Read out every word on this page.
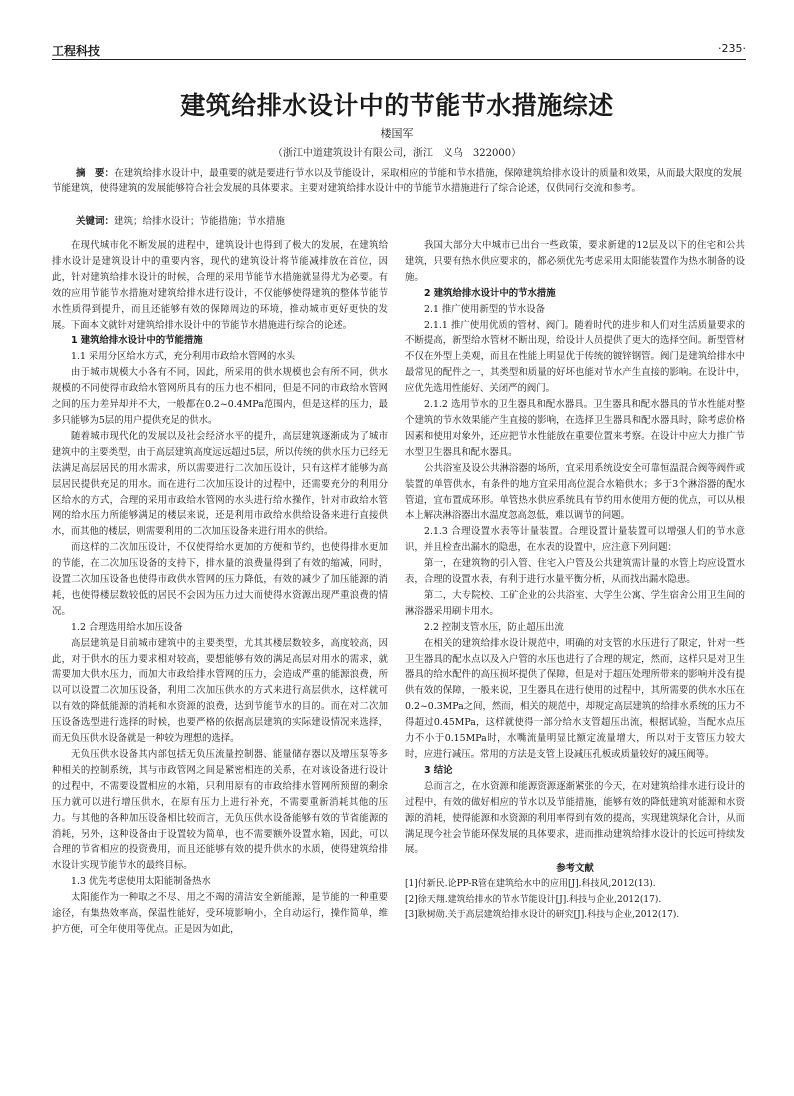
工程科技	·235·
建筑给排水设计中的节能节水措施综述
楼国军
（浙江中道建筑设计有限公司，浙江　义乌　322000）
摘　要：在建筑给排水设计中，最重要的就是要进行节水以及节能设计，采取相应的节能和节水措施，保障建筑给排水设计的质量和效果，从而最大限度的发展节能建筑，使得建筑的发展能够符合社会发展的具体要求。主要对建筑给排水设计中的节能节水措施进行了综合论述，仅供同行交流和参考。
关键词：建筑；给排水设计；节能措施；节水措施

在现代城市化不断发展的进程中，建筑设计也得到了极大的发展，在建筑给排水设计是建筑设计中的重要内容，现代的建筑设计将节能减排放在首位，因此，针对建筑给排水设计的时候，合理的采用节能节水措施就显得尤为必要。有效的应用节能节水措施对建筑给排水进行设计，不仅能够使得建筑的整体节能节水性质得到提升，而且还能够有效的保障周边的环境，推动城市更好更快的发展。下面本文就针对建筑给排水设计中的节能节水措施进行综合的论述。

1 建筑给排水设计中的节能措施
1.1 采用分区给水方式，充分利用市政给水管网的水头

由于城市规模大小各有不同，因此，所采用的供水规模也会有所不同，供水规模的不同使得市政给水管网所具有的压力也不相同，但是不同的市政给水管网之间的压力差异却并不大，一般都在0.2~0.4MPa范围内，但是这样的压力，最多只能够为5层的用户提供充足的供水。

随着城市现代化的发展以及社会经济水平的提升，高层建筑逐渐成为了城市建筑中的主要类型，由于高层建筑高度远远超过5层，所以传统的供水压力已经无法满足高层居民的用水需求，所以需要进行二次加压设计，只有这样才能够为高层居民提供充足的用水。而在进行二次加压设计的过程中，还需要充分的利用分区给水的方式，合理的采用市政给水管网的水头进行给水操作，针对市政给水管网的给水压力所能够满足的楼层来说，还是利用市政给水供给设备来进行直接供水，而其他的楼层，则需要利用的二次加压设备来进行用水的供给。

而这样的二次加压设计，不仅使得给水更加的方便和节约，也使得排水更加的节能，在二次加压设备的支持下，排水量的浪费量得到了有效的缩减，同时，设置二次加压设备也使得市政供水管网的压力降低，有效的减少了加压能源的消耗，也使得楼层数较低的居民不会因为压力过大而使得水资源出现严重浪费的情况。

1.2 合理选用给水加压设备

高层建筑是目前城市建筑中的主要类型，尤其其楼层数较多，高度较高，因此，对于供水的压力要求相对较高，要想能够有效的满足高层对用水的需求，就需要加大供水压力，而加大市政给排水管网的压力，会造成严重的能源浪费，所以可以设置二次加压设备，利用二次加压供水的方式来进行高层供水，这样就可以有效的降低能源的消耗和水资源的浪费，达到节能节水的目的。而在对二次加压设备选型进行选择的时候，也要严格的依据高层建筑的实际建设情况来选择，而无负压供水设备就是一种较为理想的选择。

无负压供水设备其内部包括无负压流量控制器、能量储存器以及增压泵等多种相关的控制系统，其与市政管网之间是紧密相连的关系，在对该设备进行设计的过程中，不需要设置相应的水箱，只利用原有的市政给排水管网所预留的剩余压力就可以进行增压供水，在原有压力上进行补充，不需要重新消耗其他的压力。与其他的各种加压设备相比较而言，无负压供水设备能够有效的节省能源的消耗，另外，这种设备由于设置较为简单，也不需要额外设置水箱，因此，可以合理的节省相应的投资费用，而且还能够有效的提升供水的水质，使得建筑给排水设计实现节能节水的最终目标。

1.3 优先考虑使用太阳能制备热水

太阳能作为一种取之不尽、用之不竭的清洁安全新能源，是节能的一种重要途径，有集热效率高，保温性能好，受环境影响小，全自动运行，操作简单，维护方便，可全年使用等优点。正是因为如此，

我国大部分大中城市已出台一些政策，要求新建的12层及以下的住宅和公共建筑，只要有热水供应要求的，都必须优先考虑采用太阳能装置作为热水制备的设施。

2 建筑给排水设计中的节水措施
2.1 推广使用新型的节水设备

2.1.1 推广使用优质的管材、阀门。随着时代的进步和人们对生活质量要求的不断提高，新型给水管材不断出现，给设计人员提供了更大的选择空间。新型管材不仅在外型上美观，而且在性能上明显优于传统的镀锌钢管。阀门是建筑给排水中最常见的配件之一，其类型和质量的好坏也能对节水产生直接的影响。在设计中，应优先选用性能好、关闭严的阀门。

2.1.2 选用节水的卫生器具和配水器具。卫生器具和配水器具的节水性能对整个建筑的节水效果能产生直接的影响，在选择卫生器具和配水器具时，除考虑价格因素和使用对象外，还应把节水性能放在重要位置来考察。在设计中应大力推广节水型卫生器具和配水器具。

公共浴室及设公共淋浴器的场所，宜采用系统设安全可靠恒温混合阀等阀件或装置的单管供水，有条件的地方宜采用高位混合水箱供水；多于3个淋浴器的配水管道，宜布置成环形。单管热水供应系统具有节约用水使用方便的优点，可以从根本上解决淋浴器出水温度忽高忽低，难以调节的问题。

2.1.3 合理设置水表等计量装置。合理设置计量装置可以增强人们的节水意识，并且检查出漏水的隐患，在水表的设置中，应注意下列问题：

第一，在建筑物的引入管、住宅入户管及公共建筑需计量的水管上均应设置水表，合理的设置水表，有利于进行水量平衡分析，从而找出漏水隐患。

第二，大专院校、工矿企业的公共浴室、大学生公寓、学生宿舍公用卫生间的淋浴器采用刷卡用水。

2.2 控制支管水压，防止超压出流

在相关的建筑给排水设计规范中，明确的对支管的水压进行了限定，针对一些卫生器具的配水点以及入户管的水压也进行了合理的规定，然而，这样只是对卫生器具的给水配件的高压损坏提供了保障，但是对于超压处理所带来的影响并没有提供有效的保障，一般来说，卫生器具在进行使用的过程中，其所需要的供水水压在0.2~0.3MPa之间，然而，相关的规范中，却规定高层建筑的给排水系统的压力不得超过0.45MPa，这样就使得一部分给水支管超压出流，根据试验，当配水点压力不小于0.15MPa时，水嘴流量明显比额定流量增大，所以对于支管压力较大时，应进行减压。常用的方法是支管上设减压孔板或质量较好的减压阀等。

3 结论

总而言之，在水资源和能源资源逐渐紧张的今天，在对建筑给排水进行设计的过程中，有效的做好相应的节水以及节能措施，能够有效的降低建筑对能源和水资源的消耗，使得能源和水资源的利用率得到有效的提高，实现建筑绿化合计，从而满足现今社会节能环保发展的具体要求，进而推动建筑给排水设计的长远可持续发展。

参考文献

[1]付新民.论PP-R管在建筑给水中的应用[J].科技风,2012(13).

[2]徐天翔.建筑给排水的节水节能设计[J].科技与企业,2012(17).

[3]耿树勋.关于高层建筑给排水设计的研究[J].科技与企业,2012(17).
